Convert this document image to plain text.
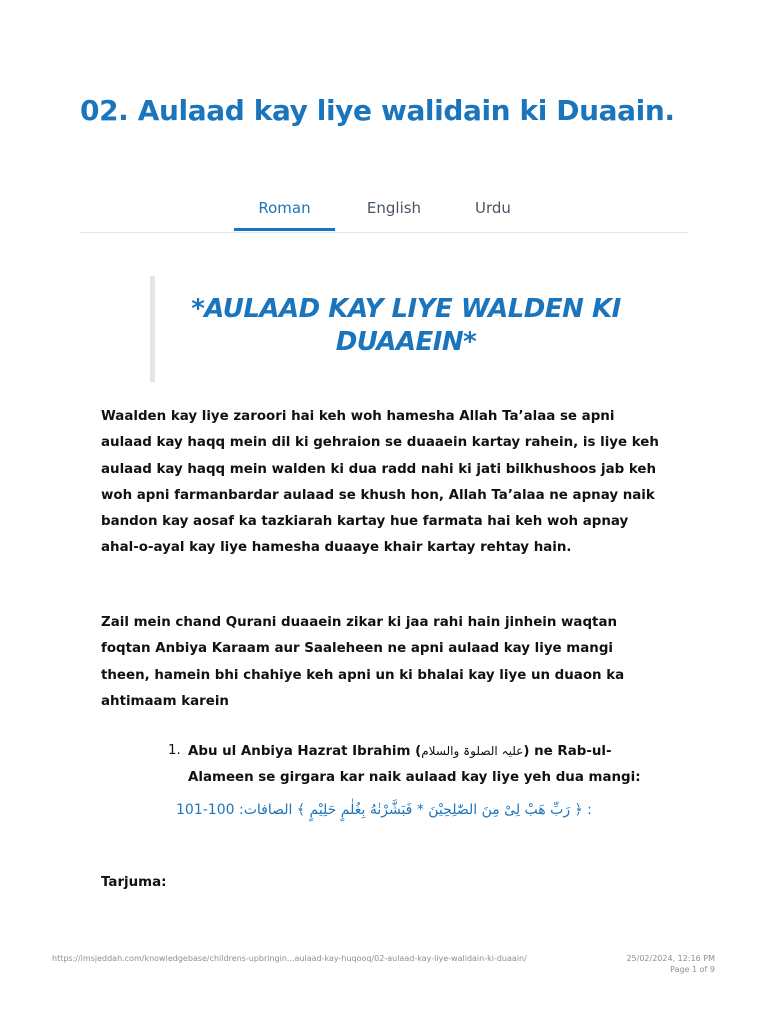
02. Aulaad kay liye walidain ki Duaain.
Roman	English	Urdu
*AULAAD KAY LIYE WALDEN KI DUAAEIN*

Waalden kay liye zaroori hai keh woh hamesha Allah Ta’alaa se apni aulaad kay haqq mein dil ki gehraion se duaaein kartay rahein, is liye keh aulaad kay haqq mein walden ki dua radd nahi ki jati bilkhushoos jab keh woh apni farmanbardar aulaad se khush hon, Allah Ta’alaa ne apnay naik bandon kay aosaf ka tazkiarah kartay hue farmata hai keh woh apnay ahal-o-ayal kay liye hamesha duaaye khair kartay rehtay hain.

Zail mein chand Qurani duaaein zikar ki jaa rahi hain jinhein waqtan foqtan Anbiya Karaam aur Saaleheen ne apni aulaad kay liye mangi theen, hamein bhi chahiye keh apni un ki bhalai kay liye un duaon ka ahtimaam karein

1. Abu ul Anbiya Hazrat Ibrahim (علیہ الصلوۃ والسلام) ne Rab-ul-Alameen se girgara kar naik aulaad kay liye yeh dua mangi:
: ﴿ رَبِّ هَبْ لِیْ مِنَ الصّٰلِحِیْنَ * فَبَشَّرْنٰهُ بِغُلٰمٍ حَلِیْمٍ ﴾ الصافات: 100-101
Tarjuma:
https://imsjeddah.com/knowledgebase/childrens-upbringin...aulaad-kay-huqooq/02-aulaad-kay-liye-walidain-ki-duaain/	25/02/2024, 12:16 PM
Page 1 of 9
